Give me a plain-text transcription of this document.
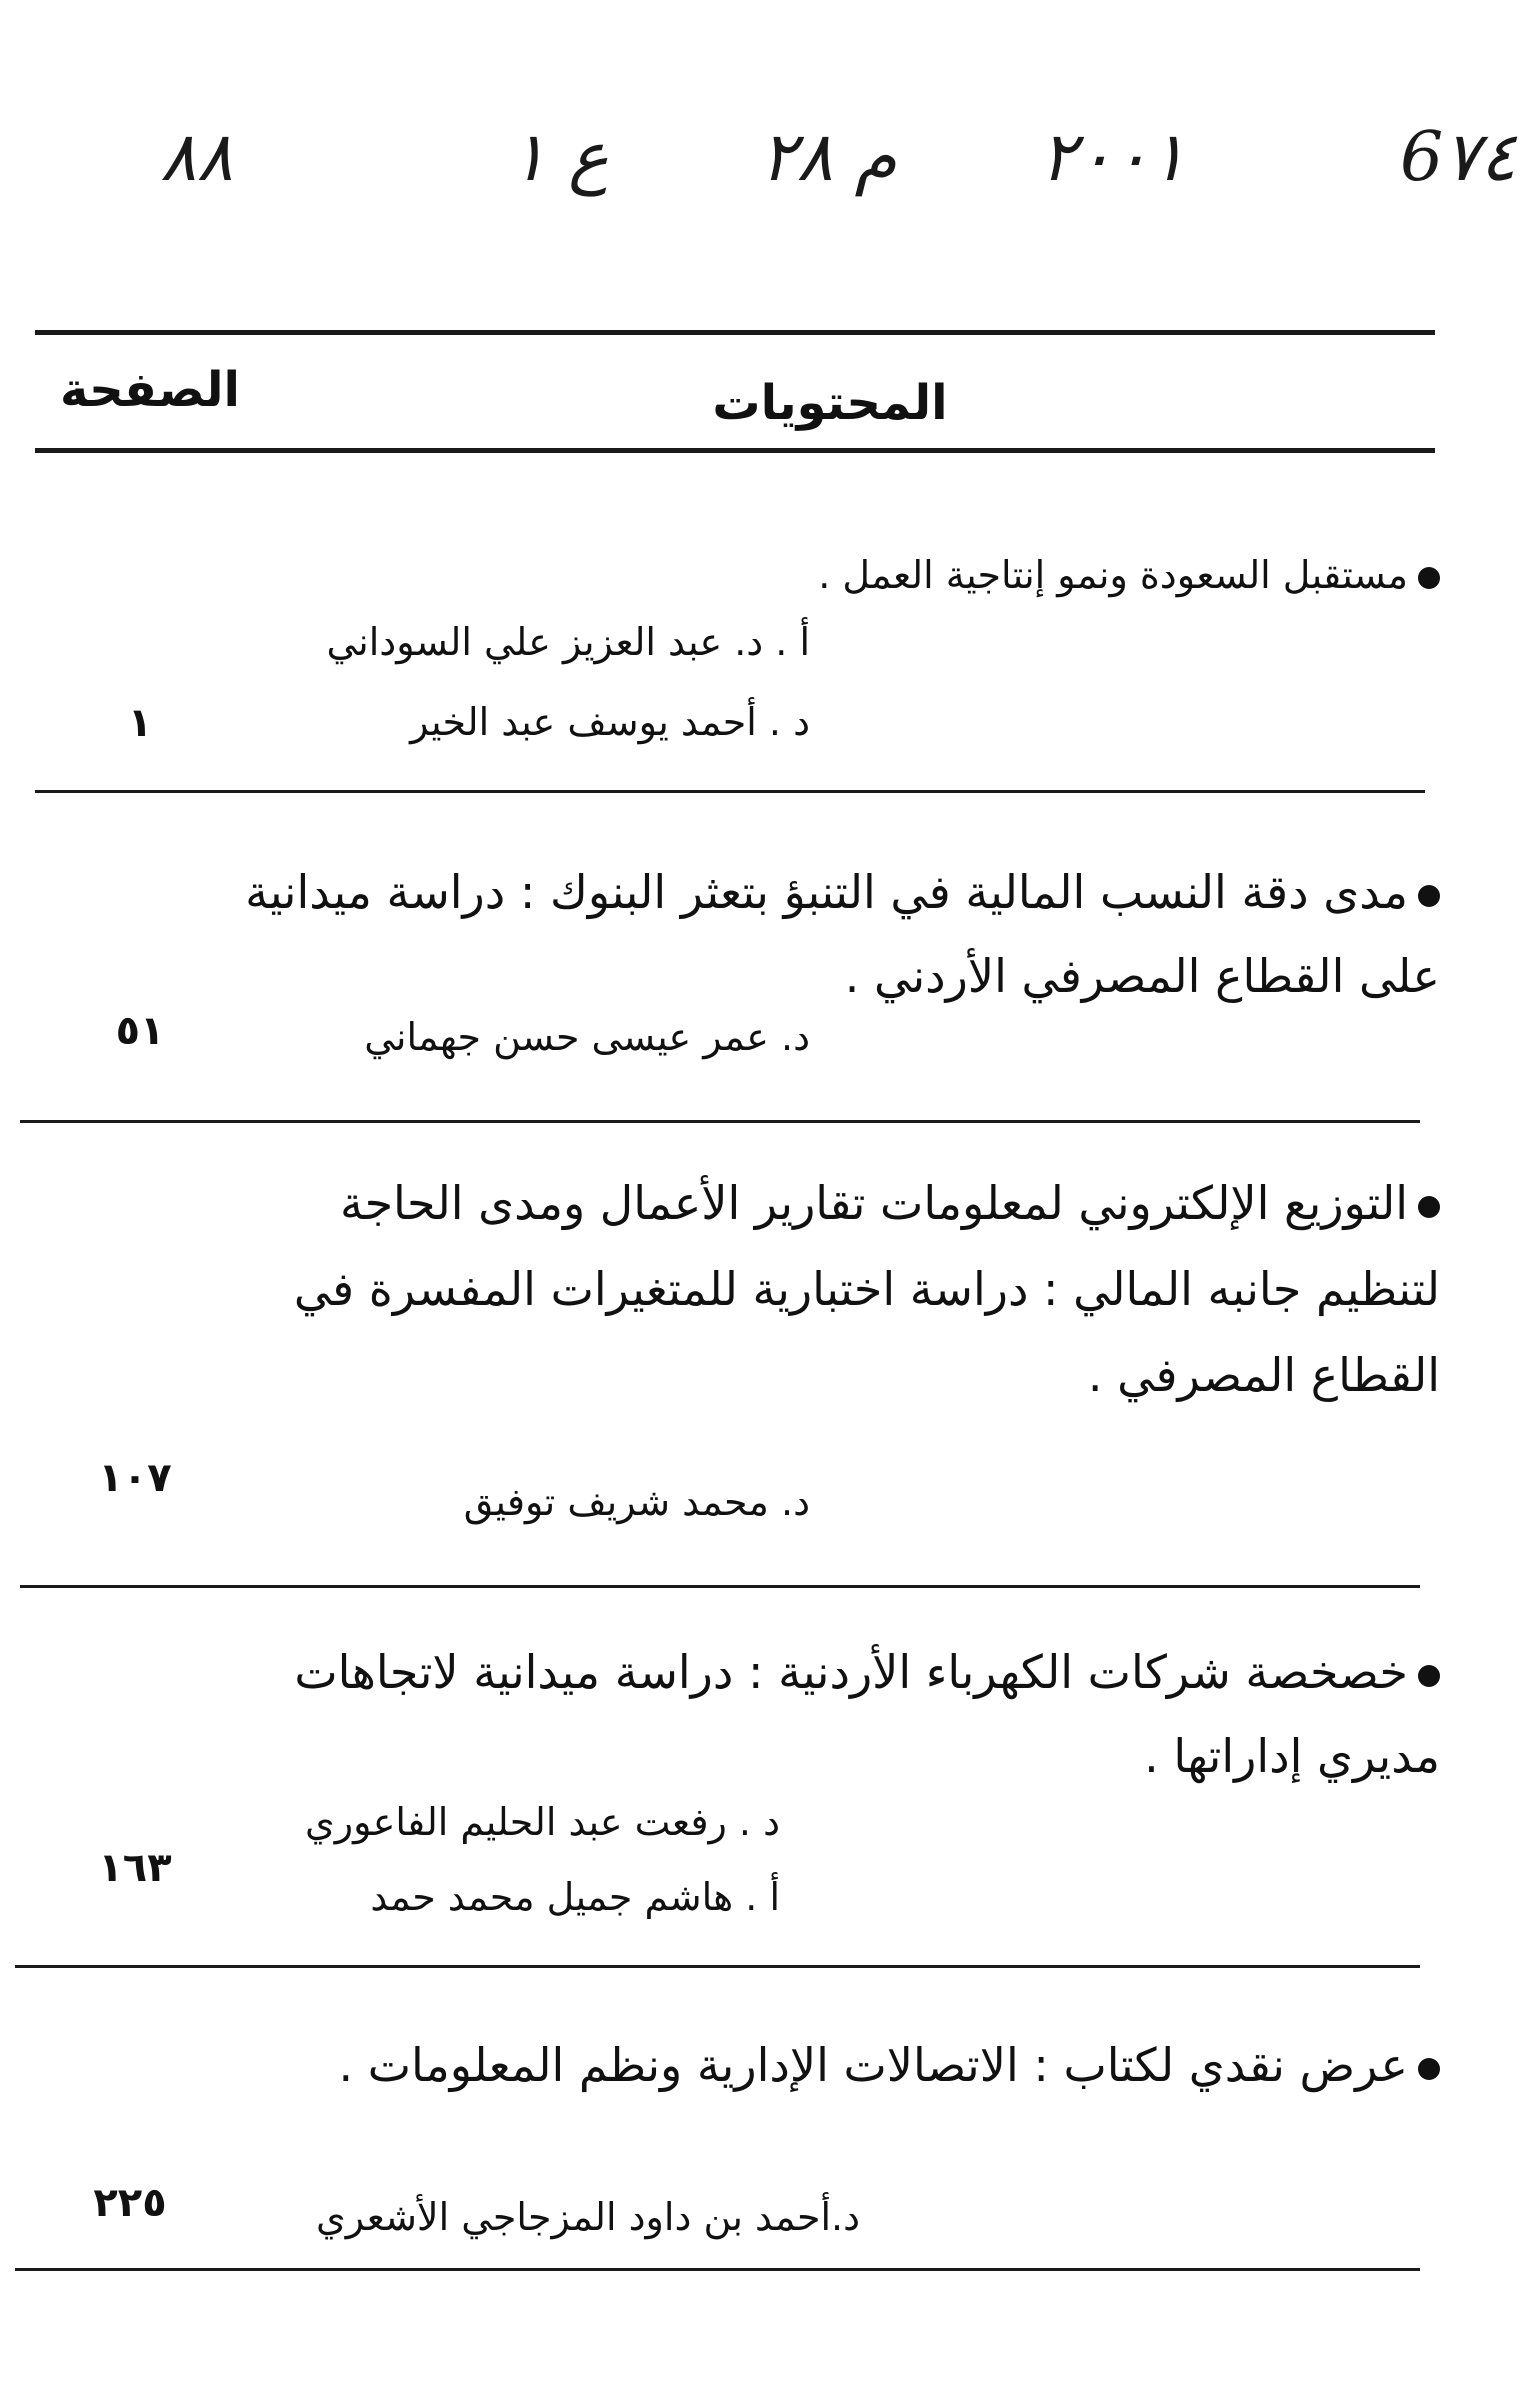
6٧٤
٢٠٠١
م ٢٨
ع ١
٨٨
المحتويات
الصفحة
مستقبل السعودة ونمو إنتاجية العمل .
أ . د. عبد العزيز علي السوداني
د . أحمد يوسف عبد الخير
١
مدى دقة النسب المالية في التنبؤ بتعثر البنوك : دراسة ميدانية على القطاع المصرفي الأردني .
د. عمر عيسى حسن جهماني
٥١
التوزيع الإلكتروني لمعلومات تقارير الأعمال ومدى الحاجة لتنظيم جانبه المالي : دراسة اختبارية للمتغيرات المفسرة في القطاع المصرفي .
د. محمد شريف توفيق
١٠٧
خصخصة شركات الكهرباء الأردنية : دراسة ميدانية لاتجاهات مديري إداراتها .
د . رفعت عبد الحليم الفاعوري
أ . هاشم جميل محمد حمد
١٦٣
عرض نقدي لكتاب : الاتصالات الإدارية ونظم المعلومات .
د.أحمد بن داود المزجاجي الأشعري
٢٢٥
